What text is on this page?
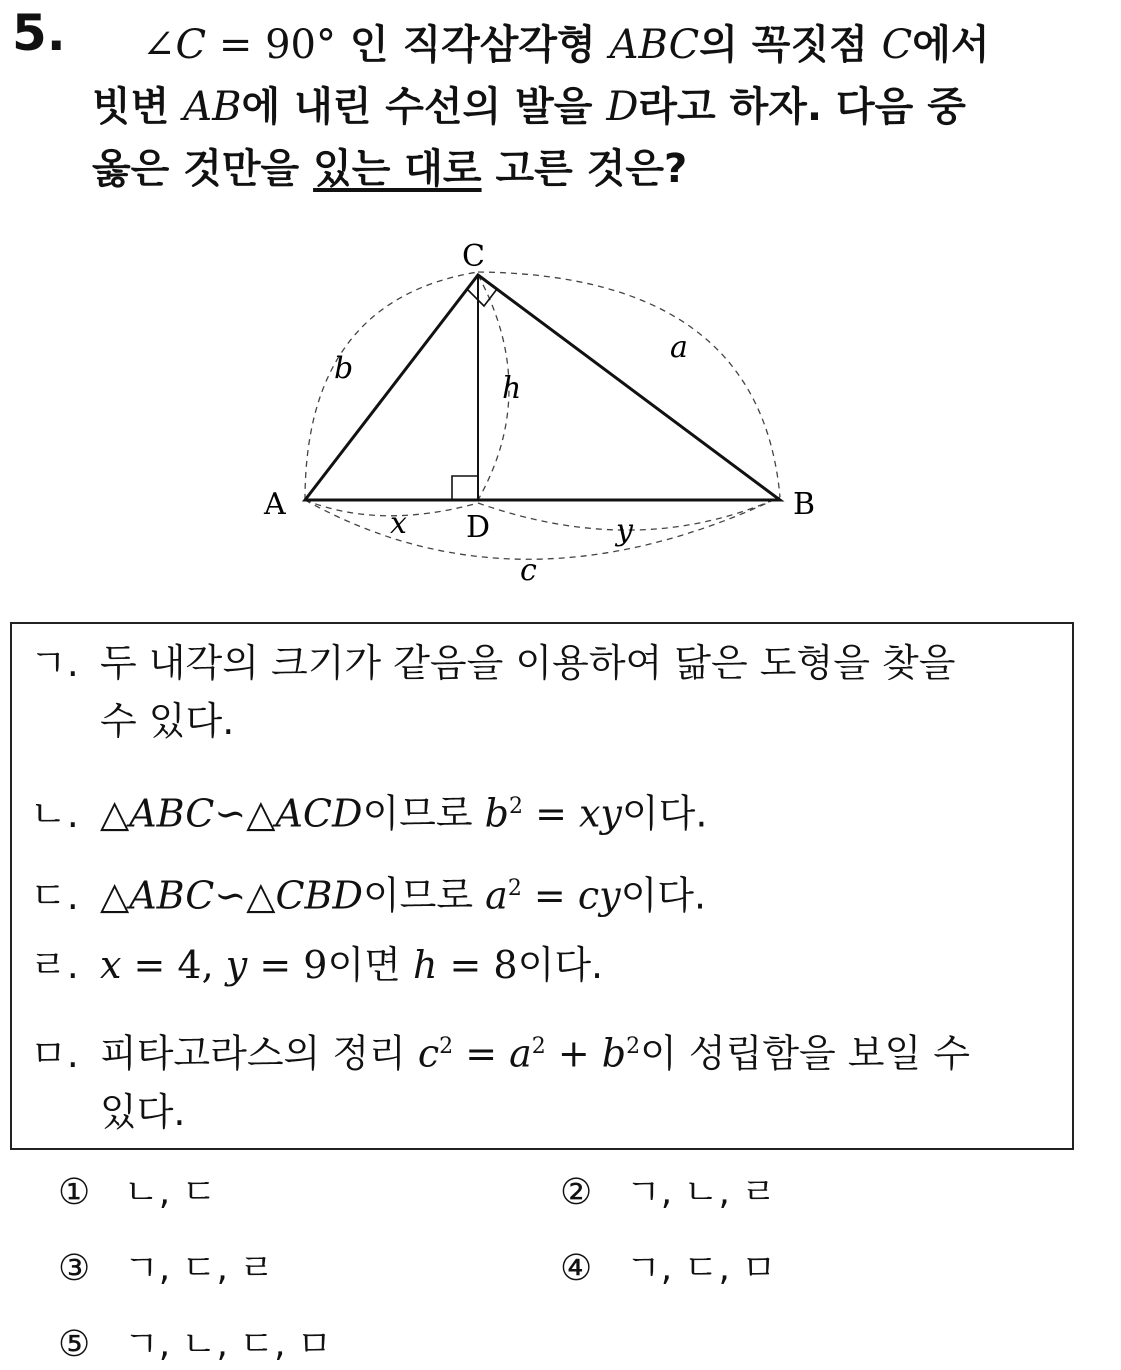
5.	∠C = 90° 인 직각삼각형 ABC의 꼭짓점 C에서
빗변 AB에 내린 수선의 발을 D라고 하자. 다음 중
옳은 것만을 있는 대로 고른 것은?
C
A	B
D
a
b
c
h
x	y
ㄱ. 두 내각의 크기가 같음을 이용하여 닮은 도형을 찾을
수 있다.
ㄴ. △ABC∽△ACD이므로 $b^2$ = xy이다.
ㄷ. △ABC∽△CBD이므로 $a^2$ = cy이다.
ㄹ. x = 4, y = 9이면 h = 8이다.
ㅁ. 피타고라스의 정리 $c^2 = a^2 + b^2$이 성립함을 보일 수
있다.
① ㄴ, ㄷ	② ㄱ, ㄴ, ㄹ
③ ㄱ, ㄷ, ㄹ	④ ㄱ, ㄷ, ㅁ
⑤ ㄱ, ㄴ, ㄷ, ㅁ
